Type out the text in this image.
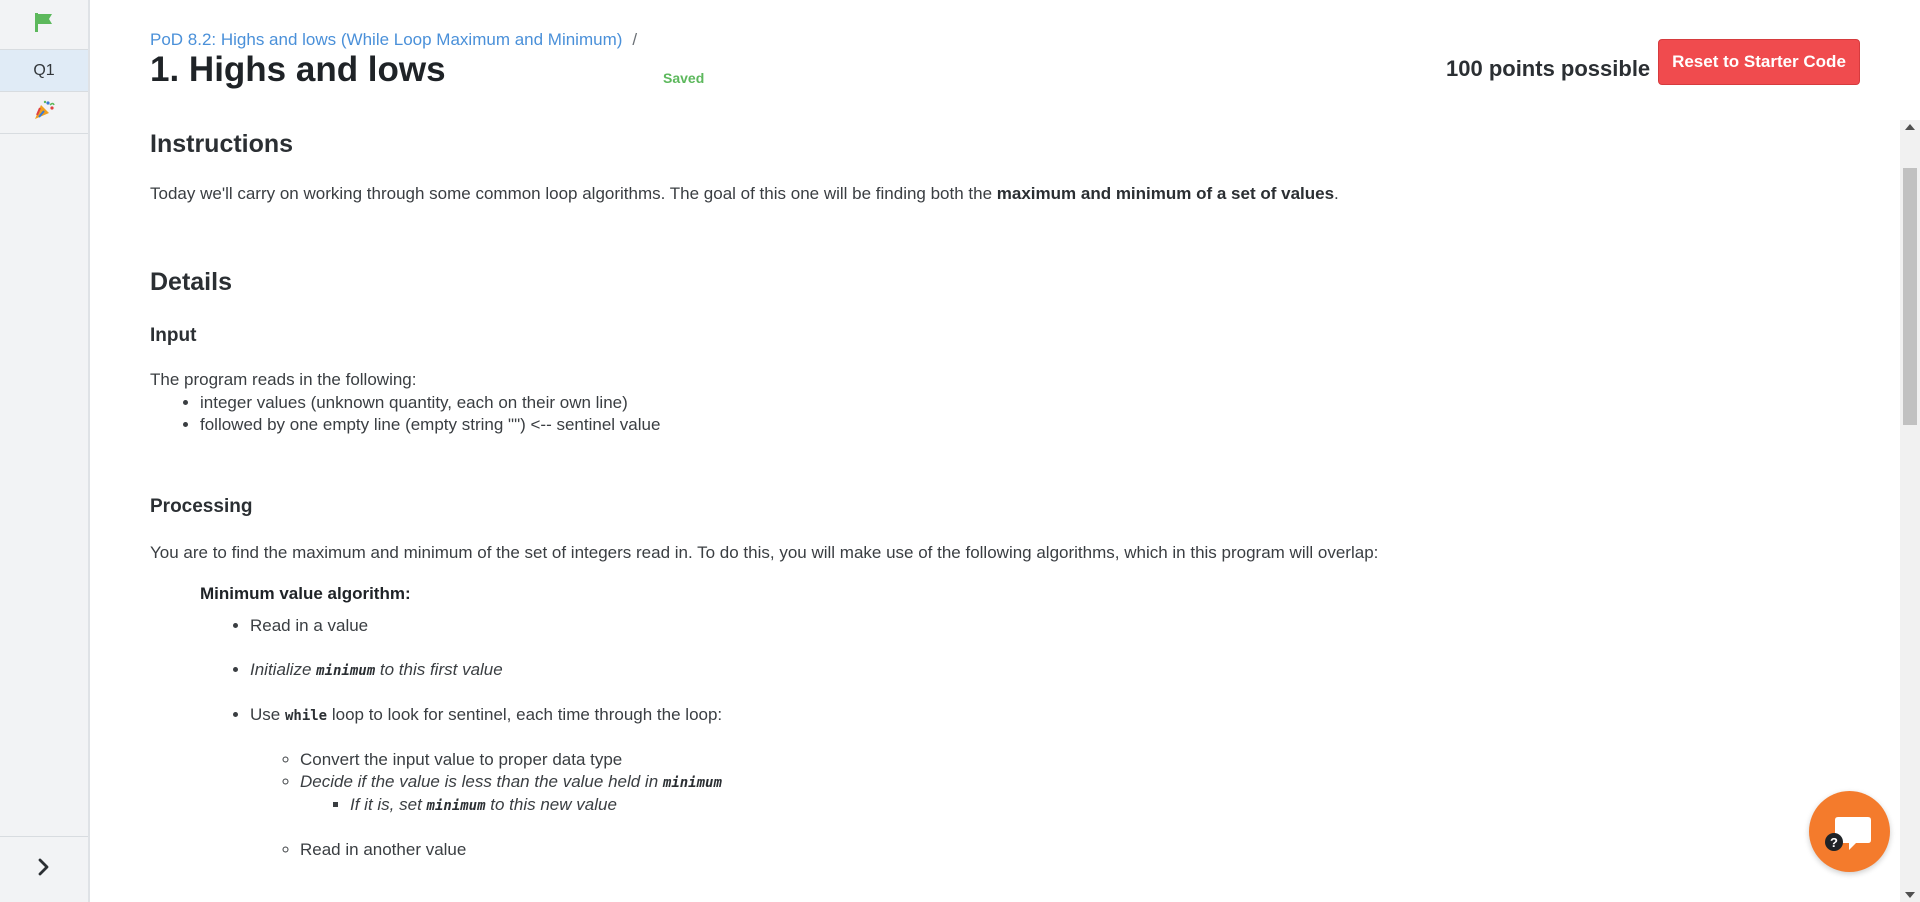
Q1
PoD 8.2: Highs and lows (While Loop Maximum and Minimum) /
1. Highs and lows	Saved	100 points possible	Reset to Starter Code
Instructions

Today we'll carry on working through some common loop algorithms. The goal of this one will be finding both the maximum and minimum of a set of values.

Details
Input

The program reads in the following:

• integer values (unknown quantity, each on their own line)
• followed by one empty line (empty string "") <-- sentinel value
Processing

You are to find the maximum and minimum of the set of integers read in. To do this, you will make use of the following algorithms, which in this program will overlap:

Minimum value algorithm:
• Read in a value
• Initialize minimum to this first value
• Use while loop to look for sentinel, each time through the loop:
◦ Convert the input value to proper data type
◦ Decide if the value is less than the value held in minimum
▪ If it is, set minimum to this new value
◦ Read in another value	?
